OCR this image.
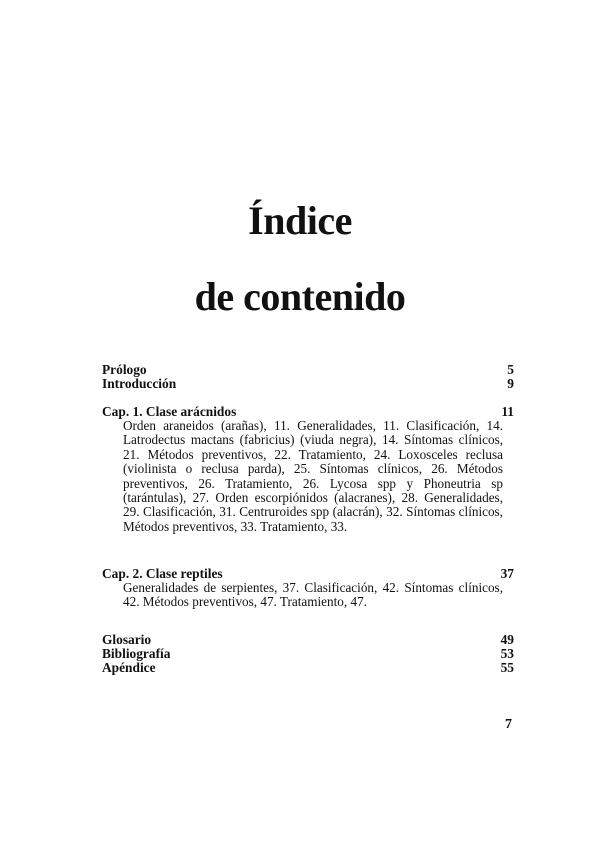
Índice
de contenido
Prólogo	5
Introducción	9
Cap. 1. Clase arácnidos	11
Orden araneidos (arañas), 11. Generalidades, 11. Clasificación, 14. Latrodectus mactans (fabricius) (viuda negra), 14. Síntomas clínicos, 21. Métodos preventivos, 22. Tratamiento, 24. Loxosceles reclusa (violinista o reclusa parda), 25. Síntomas clínicos, 26. Métodos preventivos, 26. Tratamiento, 26. Lycosa spp y Phoneutria sp (tarántulas), 27. Orden escorpiónidos (alacranes), 28. Generalidades, 29. Clasificación, 31. Centruroides spp (alacrán), 32. Síntomas clínicos, Métodos preventivos, 33. Tratamiento, 33.
Cap. 2. Clase reptiles	37
Generalidades de serpientes, 37. Clasificación, 42. Síntomas clínicos, 42. Métodos preventivos, 47. Tratamiento, 47.
Glosario	49
Bibliografía	53
Apéndice	55
7
